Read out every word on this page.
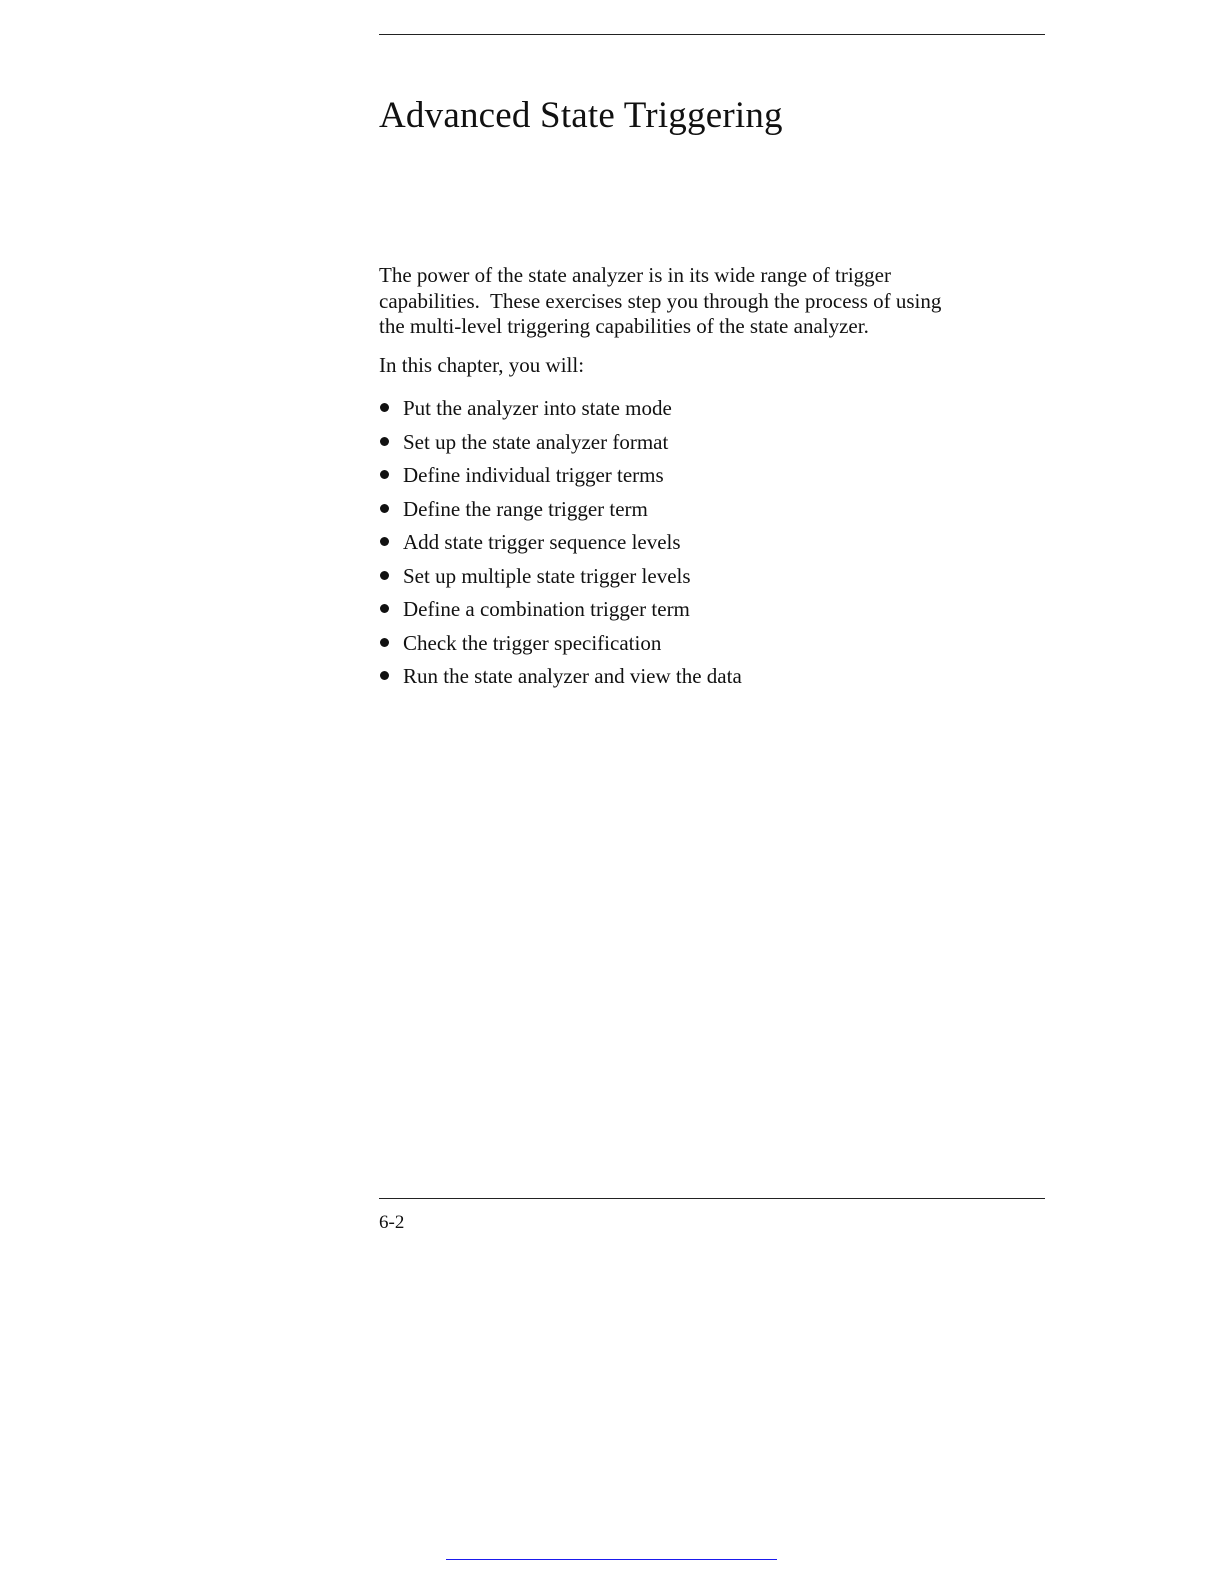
Advanced State Triggering

The power of the state analyzer is in its wide range of trigger
capabilities.  These exercises step you through the process of using
the multi-level triggering capabilities of the state analyzer.

In this chapter, you will:

Put the analyzer into state mode
Set up the state analyzer format
Define individual trigger terms
Define the range trigger term
Add state trigger sequence levels
Set up multiple state trigger levels
Define a combination trigger term
Check the trigger specification
Run the state analyzer and view the data
6-2
